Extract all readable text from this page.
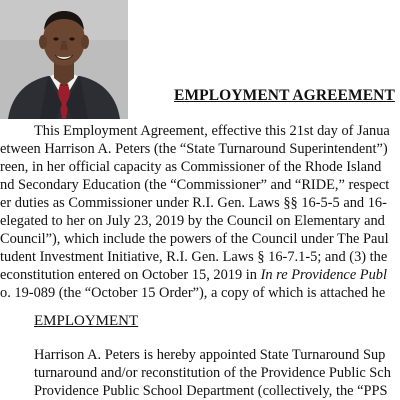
EMPLOYMENT AGREEMENT
This Employment Agreement, effective this 21st day of Janua
etween Harrison A. Peters (the “State Turnaround Superintendent”)
reen, in her official capacity as Commissioner of the Rhode Island
nd Secondary Education (the “Commissioner” and “RIDE,” respect
er duties as Commissioner under R.I. Gen. Laws §§ 16-5-5 and 16-
elegated to her on July 23, 2019 by the Council on Elementary and
Council”), which include the powers of the Council under The Paul
tudent Investment Initiative, R.I. Gen. Laws § 16-7.1-5; and (3) the
econstitution entered on October 15, 2019 in In re Providence Publ
o. 19-089 (the “October 15 Order”), a copy of which is attached he
EMPLOYMENT
Harrison A. Peters is hereby appointed State Turnaround Sup
turnaround and/or reconstitution of the Providence Public Sch
Providence Public School Department (collectively, the “PPS
